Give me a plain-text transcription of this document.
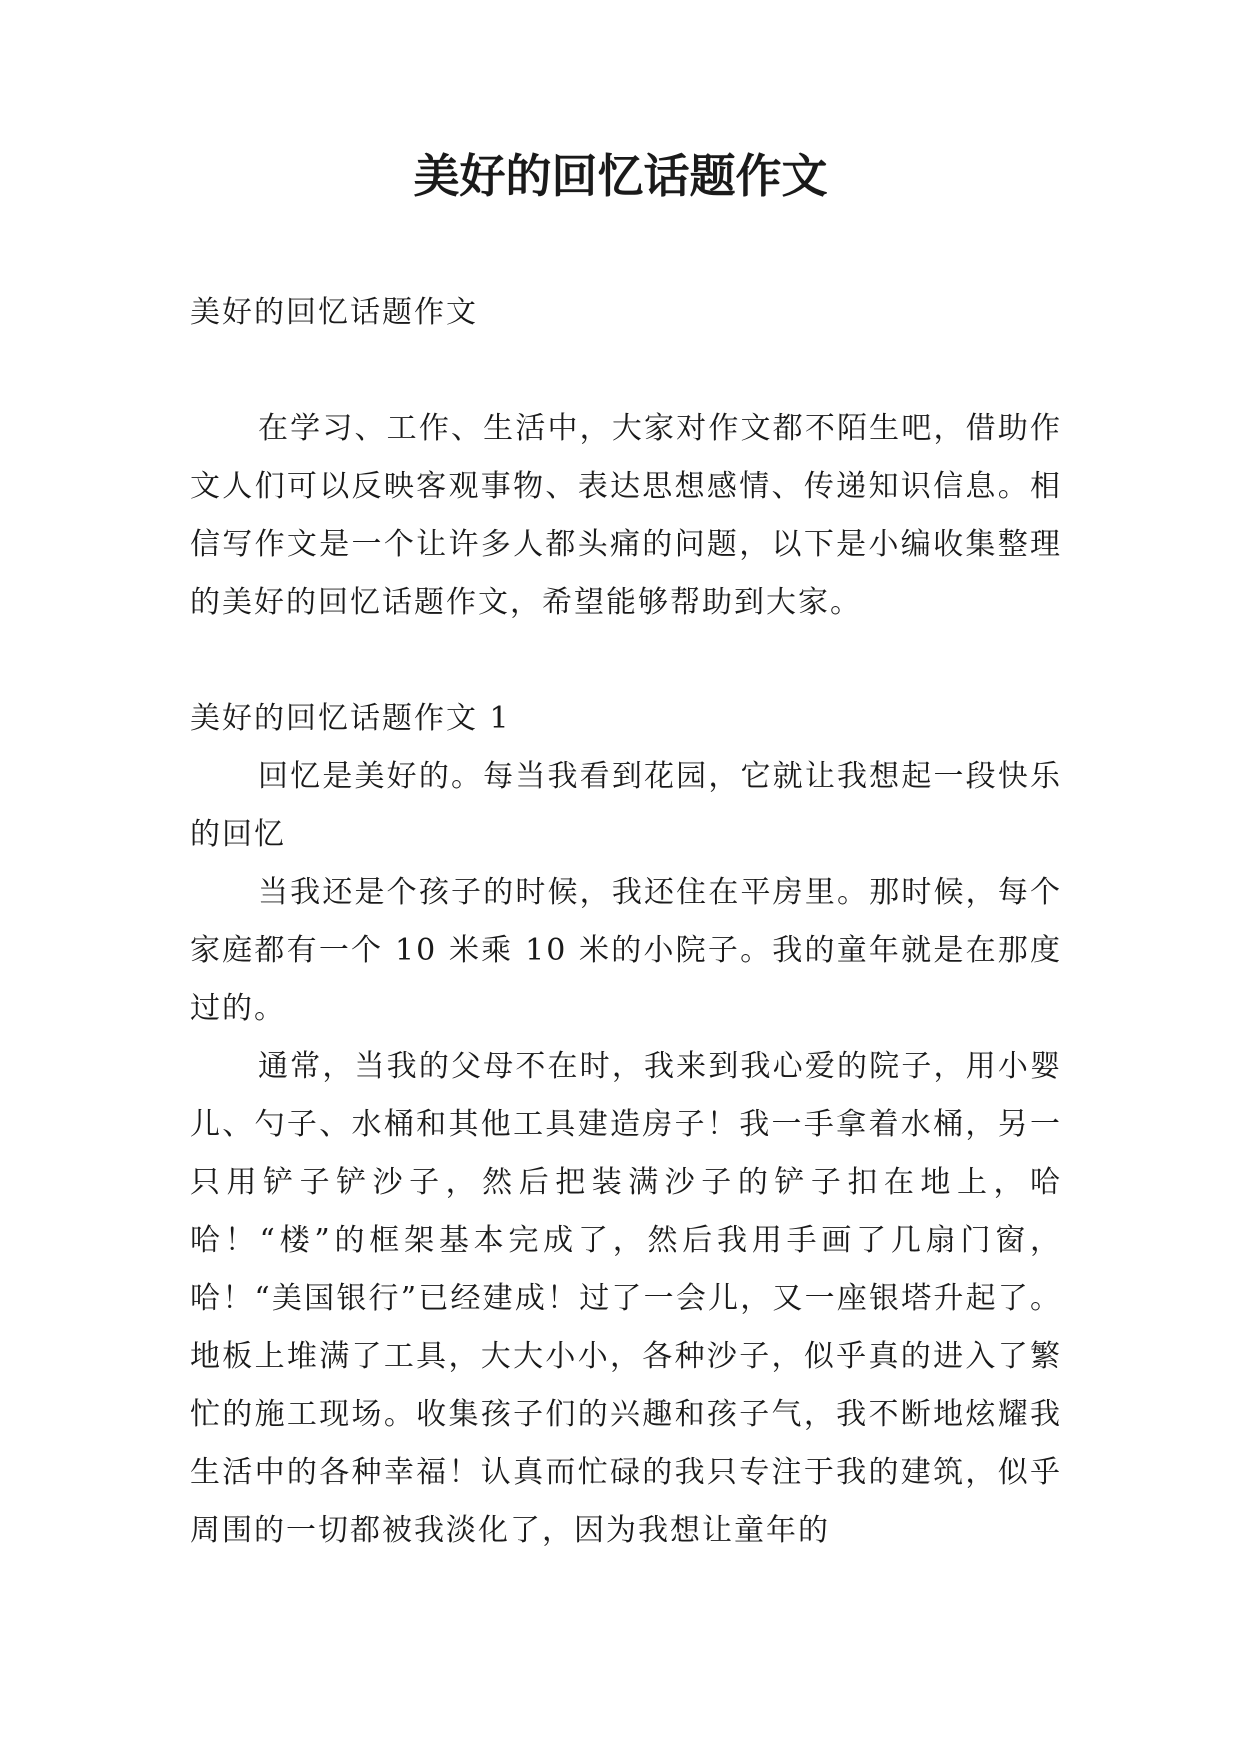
美好的回忆话题作文

美好的回忆话题作文

在学习、工作、生活中，大家对作文都不陌生吧，借助作文人们可以反映客观事物、表达思想感情、传递知识信息。相信写作文是一个让许多人都头痛的问题，以下是小编收集整理的美好的回忆话题作文，希望能够帮助到大家。

美好的回忆话题作文 1

回忆是美好的。每当我看到花园，它就让我想起一段快乐的回忆

当我还是个孩子的时候，我还住在平房里。那时候，每个家庭都有一个 10 米乘 10 米的小院子。我的童年就是在那度过的。

通常，当我的父母不在时，我来到我心爱的院子，用小婴儿、勺子、水桶和其他工具建造房子！我一手拿着水桶，另一只用铲子铲沙子，然后把装满沙子的铲子扣在地上，哈哈！“楼”的框架基本完成了，然后我用手画了几扇门窗，哈！“美国银行”已经建成！过了一会儿，又一座银塔升起了。地板上堆满了工具，大大小小，各种沙子，似乎真的进入了繁忙的施工现场。收集孩子们的兴趣和孩子气，我不断地炫耀我生活中的各种幸福！认真而忙碌的我只专注于我的建筑，似乎周围的一切都被我淡化了，因为我想让童年的
